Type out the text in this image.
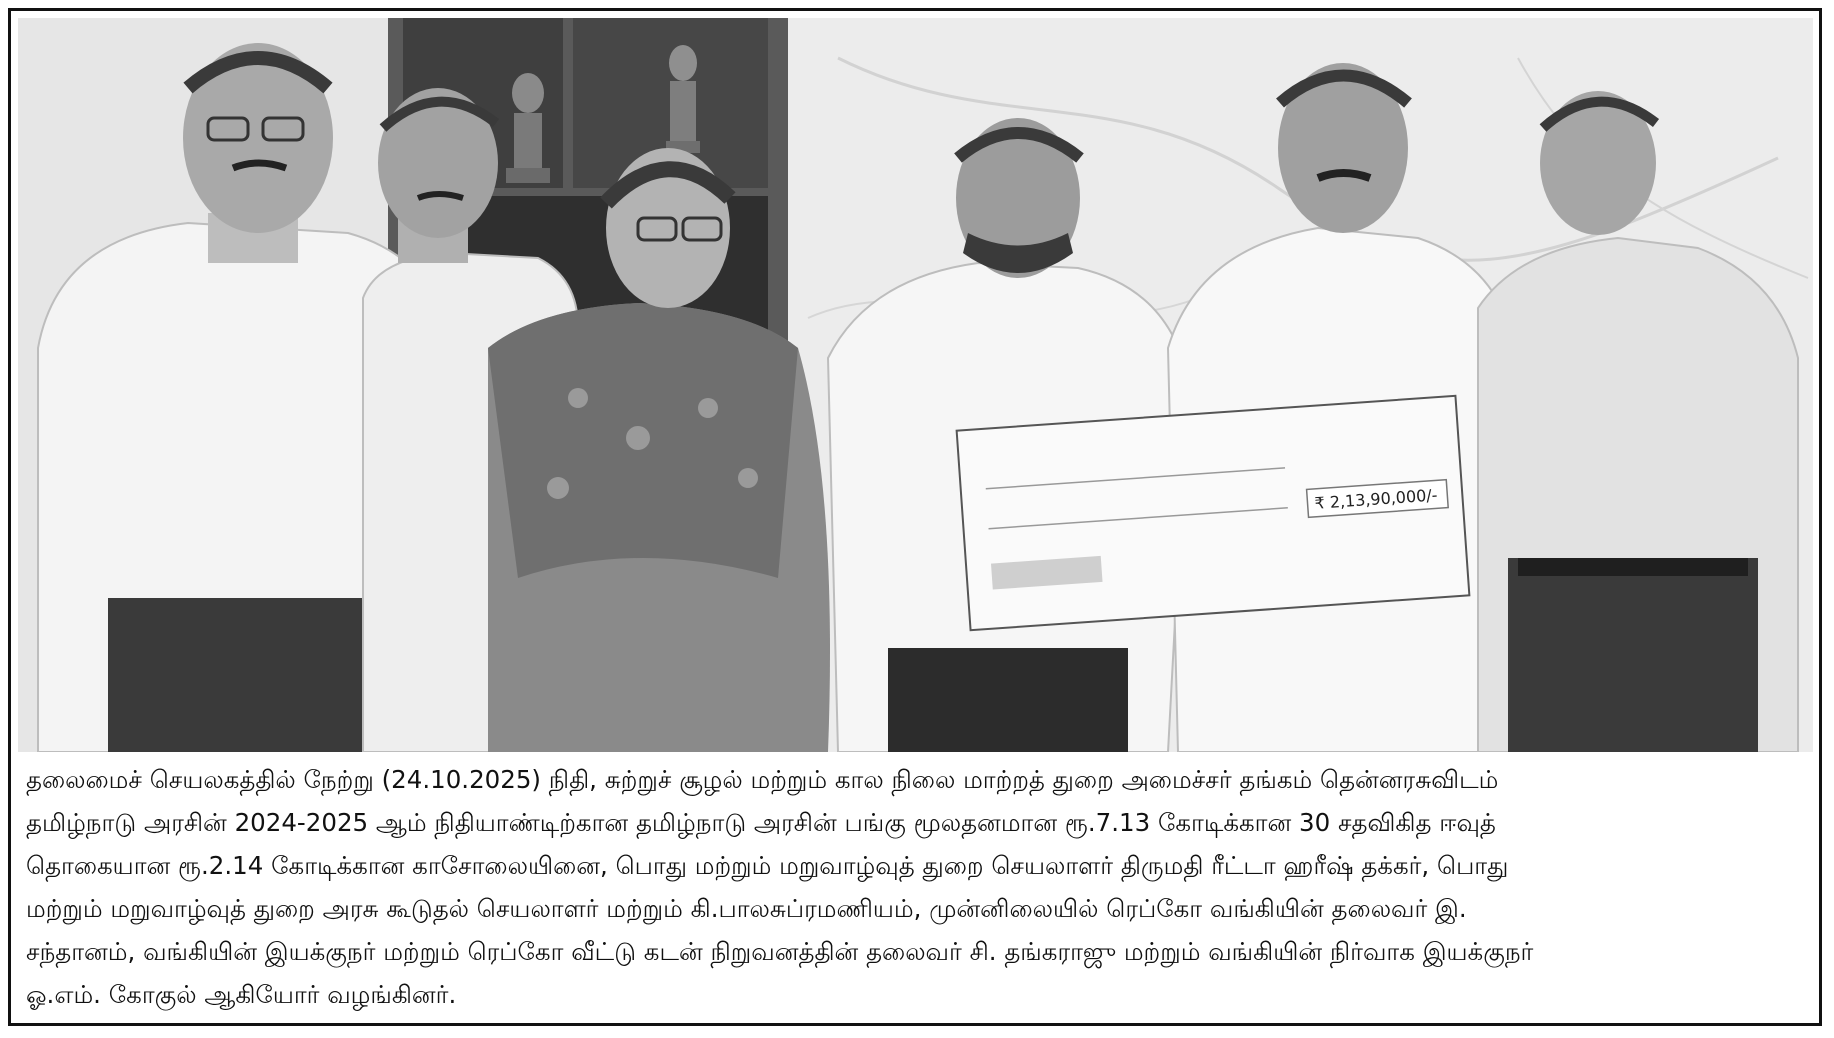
₹ 2,13,90,000/-
தலைமைச் செயலகத்தில் நேற்று (24.10.2025) நிதி, சுற்றுச் சூழல் மற்றும் கால நிலை மாற்றத் துறை அமைச்சர் தங்கம் தென்னரசுவிடம்
தமிழ்நாடு அரசின் 2024-2025 ஆம் நிதியாண்டிற்கான தமிழ்நாடு அரசின் பங்கு மூலதனமான ரூ.7.13 கோடிக்கான 30 சதவிகித ஈவுத்
தொகையான ரூ.2.14 கோடிக்கான காசோலையினை, பொது மற்றும் மறுவாழ்வுத் துறை செயலாளர் திருமதி ரீட்டா ஹரீஷ் தக்கர், பொது
மற்றும் மறுவாழ்வுத் துறை அரசு கூடுதல் செயலாளர் மற்றும் கி.பாலசுப்ரமணியம், முன்னிலையில் ரெப்கோ வங்கியின் தலைவர் இ.
சந்தானம், வங்கியின் இயக்குநர் மற்றும் ரெப்கோ வீட்டு கடன் நிறுவனத்தின் தலைவர் சி. தங்கராஜு மற்றும் வங்கியின் நிர்வாக இயக்குநர்
ஓ.எம். கோகுல் ஆகியோர் வழங்கினர்.
